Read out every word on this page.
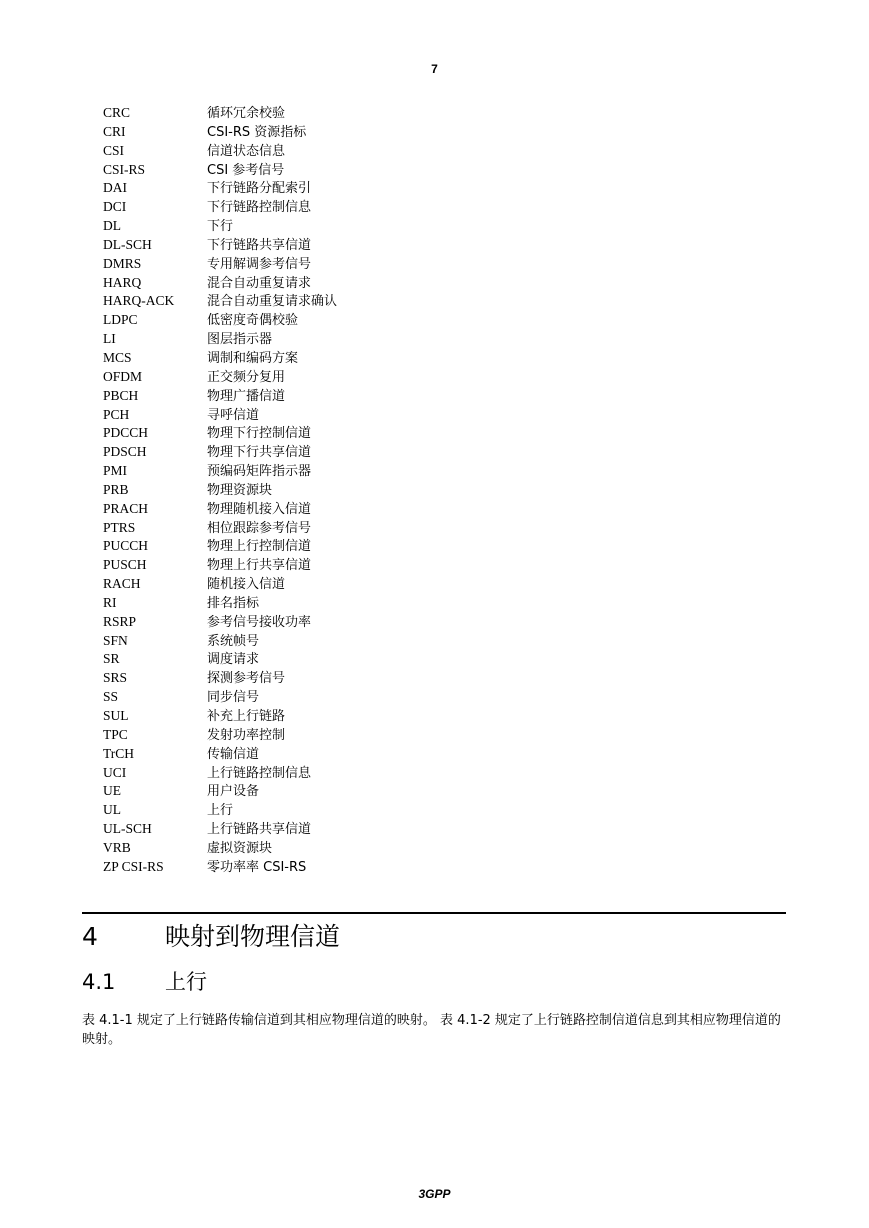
7
CRC	循环冗余校验
CRI	CSI-RS 资源指标
CSI	信道状态信息
CSI-RS	CSI 参考信号
DAI	下行链路分配索引
DCI	下行链路控制信息
DL	下行
DL-SCH	下行链路共享信道
DMRS	专用解调参考信号
HARQ	混合自动重复请求
HARQ-ACK	混合自动重复请求确认
LDPC	低密度奇偶校验
LI	图层指示器
MCS	调制和编码方案
OFDM	正交频分复用
PBCH	物理广播信道
PCH	寻呼信道
PDCCH	物理下行控制信道
PDSCH	物理下行共享信道
PMI	预编码矩阵指示器
PRB	物理资源块
PRACH	物理随机接入信道
PTRS	相位跟踪参考信号
PUCCH	物理上行控制信道
PUSCH	物理上行共享信道
RACH	随机接入信道
RI	排名指标
RSRP	参考信号接收功率
SFN	系统帧号
SR	调度请求
SRS	探测参考信号
SS	同步信号
SUL	补充上行链路
TPC	发射功率控制
TrCH	传输信道
UCI	上行链路控制信息
UE	用户设备
UL	上行
UL-SCH	上行链路共享信道
VRB	虚拟资源块
ZP CSI-RS	零功率率 CSI-RS
4	映射到物理信道
4.1 上行
表 4.1-1 规定了上行链路传输信道到其相应物理信道的映射。 表 4.1-2 规定了上行链路控制信道信息到其相应物理信道的映射。
3GPP
